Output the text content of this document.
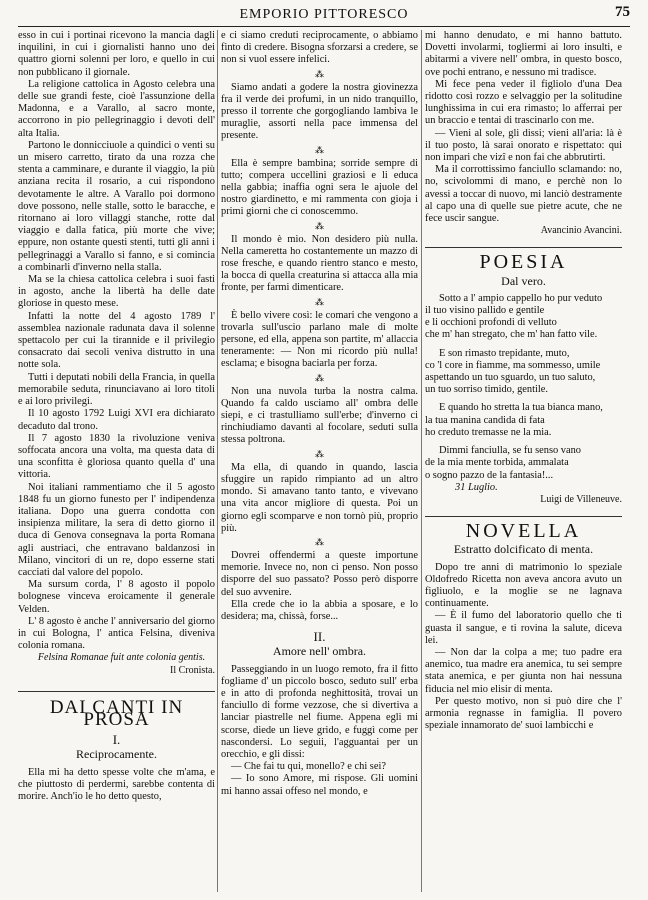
EMPORIO PITTORESCO	75

esso in cui i portinai ricevono la mancia dagli inquilini, in cui i giornalisti hanno uno dei quattro giorni solenni per loro, e quello in cui non pubblicano il giornale.

La religione cattolica in Agosto celebra una delle sue grandi feste, cioè l'assunzione della Madonna, e a Varallo, al sacro monte, accorrono in pio pellegrinaggio i devoti dell' alta Italia.

Partono le donnicciuole a quindici o venti su un misero carretto, tirato da una rozza che stenta a camminare, e durante il viaggio, la più anziana recita il rosario, a cui rispondono devotamente le altre. A Varallo poi dormono dove possono, nelle stalle, sotto le baracche, e ritornano ai loro villaggi stanche, rotte dal viaggio e dalla fatica, più morte che vive; eppure, non ostante questi stenti, tutti gli anni i pellegrinaggi a Varallo si fanno, e si comincia a combinarli d'inverno nella stalla.

Ma se la chiesa cattolica celebra i suoi fasti in agosto, anche la libertà ha delle date gloriose in questo mese.

Infatti la notte del 4 agosto 1789 l' assemblea nazionale radunata dava il solenne spettacolo per cui la tirannide e il privilegio consacrato dai secoli veniva distrutto in una notte sola.

Tutti i deputati nobili della Francia, in quella memorabile seduta, rinunciavano ai loro titoli e ai loro privilegi.

Il 10 agosto 1792 Luigi XVI era dichiarato decaduto dal trono.

Il 7 agosto 1830 la rivoluzione veniva soffocata ancora una volta, ma questa data di una sconfitta è gloriosa quanto quella d' una vittoria.

Noi italiani rammentiamo che il 5 agosto 1848 fu un giorno funesto per l' indipendenza italiana. Dopo una guerra condotta con insipienza militare, la sera di detto giorno il duca di Genova consegnava la porta Romana agli austriaci, che entravano baldanzosi in Milano, vincitori di un re, dopo esserne stati cacciati dal valore del popolo.

Ma sursum corda, l' 8 agosto il popolo bolognese vinceva eroicamente il generale Velden.

L' 8 agosto è anche l' anniversario del giorno in cui Bologna, l' antica Felsina, diveniva colonia romana.

Felsina Romanae fuit ante colonia gentis.

Il Cronista.

DAI CANTI IN PROSA
I.
Reciprocamente.

Ella mi ha detto spesse volte che m'ama, e che piuttosto di perdermi, sarebbe contenta di morire. Anch'io le ho detto questo,

e ci siamo creduti reciprocamente, o abbiamo finto di credere. Bisogna sforzarsi a credere, se non si vuol essere infelici.

⁂

Siamo andati a godere la nostra giovinezza fra il verde dei profumi, in un nido tranquillo, presso il torrente che gorgogliando lambiva le muraglie, assorti nella pace immensa del presente.

⁂

Ella è sempre bambina; sorride sempre di tutto; compera uccellini graziosi e li educa nella gabbia; inaffia ogni sera le ajuole del nostro giardinetto, e mi rammenta con gioja i primi giorni che ci conoscemmo.

⁂

Il mondo è mio. Non desidero più nulla. Nella cameretta ho costantemente un mazzo di rose fresche, e quando rientro stanco e mesto, la bocca di quella creaturina si attacca alla mia fronte, per farmi dimenticare.

⁂

È bello vivere così: le comari che vengono a trovarla sull'uscio parlano male di molte persone, ed ella, appena son partite, m' allaccia teneramente: — Non mi ricordo più nulla! esclama; e bisogna baciarla per forza.

⁂

Non una nuvola turba la nostra calma. Quando fa caldo usciamo all' ombra delle siepi, e ci trastulliamo sull'erbe; d'inverno ci rinchiudiamo davanti al focolare, seduti sulla stessa poltrona.

⁂

Ma ella, di quando in quando, lascia sfuggire un rapido rimpianto ad un altro mondo. Si amavano tanto tanto, e vivevano una vita ancor migliore di questa. Poi un giorno egli scomparve e non tornò più, proprio più.

⁂

Dovrei offendermi a queste importune memorie. Invece no, non ci penso. Non posso disporre del suo passato? Posso però disporre del suo avvenire.

Ella crede che io la abbia a sposare, e lo desidera; ma, chissà, forse...

II.
Amore nell' ombra.

Passeggiando in un luogo remoto, fra il fitto fogliame d' un piccolo bosco, seduto sull' erba e in atto di profonda neghittosità, trovai un fanciullo di forme vezzose, che si divertiva a lanciar piastrelle nel fiume. Appena egli mi scorse, diede un lieve grido, e fuggì come per nascondersi. Lo seguii, l'agguantai per un orecchio, e gli dissi:

— Che fai tu qui, monello? e chi sei?

— Io sono Amore, mi rispose. Gli uomini mi hanno assai offeso nel mondo, e

mi hanno denudato, e mi hanno battuto. Dovetti involarmi, togliermi ai loro insulti, e abitarmi a vivere nell' ombra, in questo bosco, ove pochi entrano, e nessuno mi tradisce.

Mi fece pena veder il figliolo d'una Dea ridotto così rozzo e selvaggio per la solitudine lunghissima in cui era rimasto; lo afferrai per un braccio e tentai di trascinarlo con me.

— Vieni al sole, gli dissi; vieni all'aria: là è il tuo posto, là sarai onorato e rispettato: qui non impari che vizî e non fai che abbrutirti.

Ma il corrottissimo fanciullo sclamando: no, no, scivolommi di mano, e perchè non lo avessi a toccar di nuovo, mi lanciò destramente al capo una di quelle sue pietre acute, che ne fece uscir sangue.

Avancinio Avancini.

POESIA
Dal vero.

Sotto a l' ampio cappello ho pur veduto

il tuo visino pallido e gentile

e li occhioni profondi di velluto

che m' han stregato, che m' han fatto vile.

E son rimasto trepidante, muto,

co 'l core in fiamme, ma sommesso, umile

aspettando un tuo sguardo, un tuo saluto,

un tuo sorriso timido, gentile.

E quando ho stretta la tua bianca mano,

la tua manina candida di fata

ho creduto tremasse ne la mia.

Dimmi fanciulla, se fu senso vano

de la mia mente torbida, ammalata

o sogno pazzo de la fantasia!...

31 Luglio.

Luigi de Villeneuve.

NOVELLA
Estratto dolcificato di menta.

Dopo tre anni di matrimonio lo speziale Oldofredo Ricetta non aveva ancora avuto un figliuolo, e la moglie se ne lagnava continuamente.

— È il fumo del laboratorio quello che ti guasta il sangue, e ti rovina la salute, diceva lei.

— Non dar la colpa a me; tuo padre era anemico, tua madre era anemica, tu sei sempre stata anemica, e per giunta non hai nessuna fiducia nel mio elisir di menta.

Per questo motivo, non si può dire che l' armonia regnasse in famiglia. Il povero speziale innamorato de' suoi lambicchi e
